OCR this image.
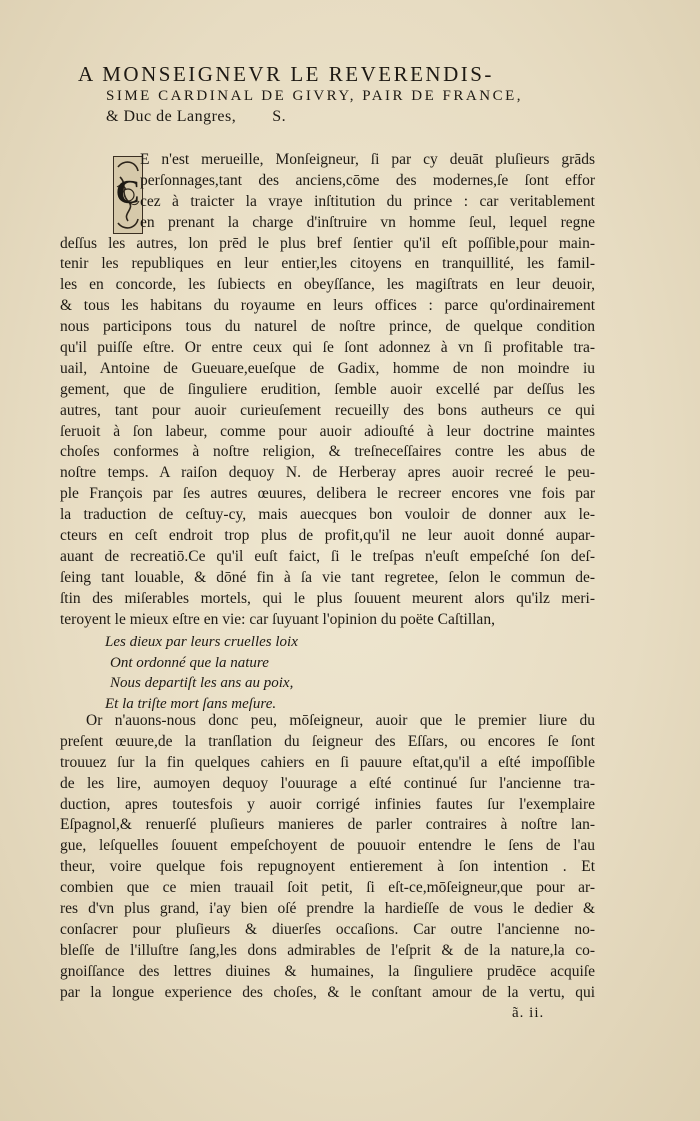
A MONSEIGNEVR LE REVERENDIS-
SIME CARDINAL DE GIVRY, PAIR DE FRANCE,
& Duc de Langres, S.
C
E n'est merueille, Monſeigneur, ſi par cy deuāt pluſieurs grāds
perſonnages,tant des anciens,cōme des modernes,ſe ſont effor
cez à traicter la vraye inſtitution du prince : car veritablement
en prenant la charge d'inſtruire vn homme ſeul, lequel regne
deſſus les autres, lon prēd le plus bref ſentier qu'il eſt poſſible,pour main-
tenir les republiques en leur entier,les citoyens en tranquillité, les famil-
les en concorde, les ſubiects en obeyſſance, les magiſtrats en leur deuoir,
& tous les habitans du royaume en leurs offices : parce qu'ordinairement
nous participons tous du naturel de noſtre prince, de quelque condition
qu'il puiſſe eſtre. Or entre ceux qui ſe ſont adonnez à vn ſi profitable tra-
uail, Antoine de Gueuare,eueſque de Gadix, homme de non moindre iu
gement, que de ſinguliere erudition, ſemble auoir excellé par deſſus les
autres, tant pour auoir curieuſement recueilly des bons autheurs ce qui
ſeruoit à ſon labeur, comme pour auoir adiouſté à leur doctrine maintes
choſes conformes à noſtre religion, & treſneceſſaires contre les abus de
noſtre temps. A raiſon dequoy N. de Herberay apres auoir recreé le peu-
ple François par ſes autres œuures, delibera le recreer encores vne fois par
la traduction de ceſtuy-cy, mais auecques bon vouloir de donner aux le-
cteurs en ceſt endroit trop plus de profit,qu'il ne leur auoit donné aupar-
auant de recreatiō.Ce qu'il euſt faict, ſi le treſpas n'euſt empeſché ſon deſ-
ſeing tant louable, & dōné fin à ſa vie tant regretee, ſelon le commun de-
ſtin des miſerables mortels, qui le plus ſouuent meurent alors qu'ilz meri-
teroyent le mieux eſtre en vie: car ſuyuant l'opinion du poëte Caſtillan,
Les dieux par leurs cruelles loix
Ont ordonné que la nature
Nous departiſt les ans au poix,
Et la triſte mort ſans meſure.
Or n'auons-nous donc peu, mōſeigneur, auoir que le premier liure du
preſent œuure,de la tranſlation du ſeigneur des Eſſars, ou encores ſe ſont
trouuez ſur la fin quelques cahiers en ſi pauure eſtat,qu'il a eſté impoſſible
de les lire, aumoyen dequoy l'ouurage a eſté continué ſur l'ancienne tra-
duction, apres toutesfois y auoir corrigé infinies fautes ſur l'exemplaire
Eſpagnol,& renuerſé pluſieurs manieres de parler contraires à noſtre lan-
gue, leſquelles ſouuent empeſchoyent de pouuoir entendre le ſens de l'au
theur, voire quelque fois repugnoyent entierement à ſon intention . Et
combien que ce mien trauail ſoit petit, ſi eſt-ce,mōſeigneur,que pour ar-
res d'vn plus grand, i'ay bien oſé prendre la hardieſſe de vous le dedier &
conſacrer pour pluſieurs & diuerſes occaſions. Car outre l'ancienne no-
bleſſe de l'illuſtre ſang,les dons admirables de l'eſprit & de la nature,la co-
gnoiſſance des lettres diuines & humaines, la ſinguliere prudēce acquiſe
par la longue experience des choſes, & le conſtant amour de la vertu, qui
ã. ii.
